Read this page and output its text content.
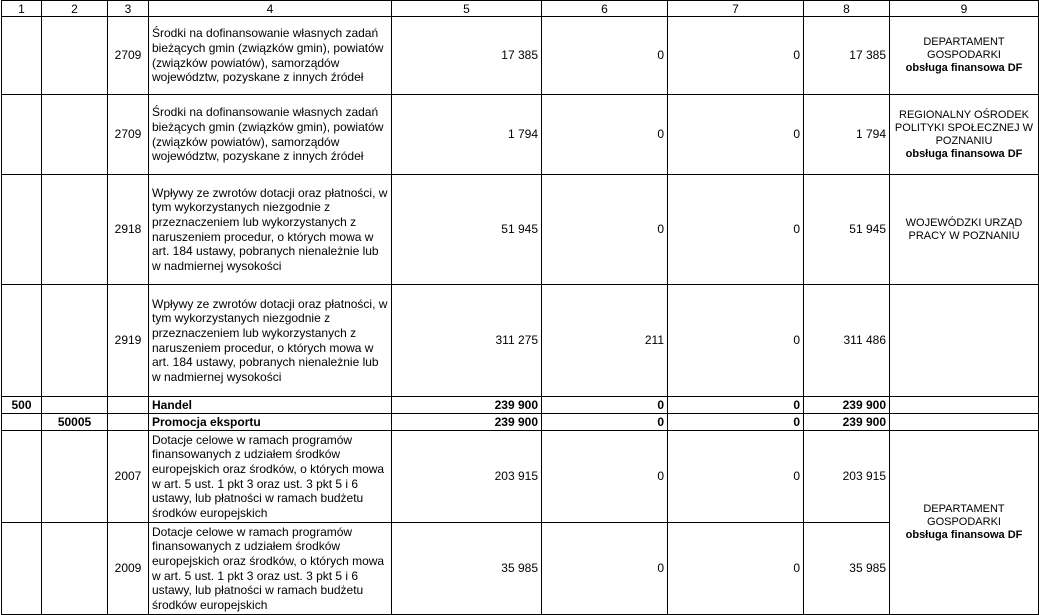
1	2	3	4	5	6	7	8	9
		2709	Środki na dofinansowanie własnych zadań bieżących gmin (związków gmin), powiatów (związków powiatów), samorządów województw, pozyskane z innych źródeł	17 385	0	0	17 385	DEPARTAMENT GOSPODARKI
obsługa finansowa DF

		2709	Środki na dofinansowanie własnych zadań bieżących gmin (związków gmin), powiatów (związków powiatów), samorządów województw, pozyskane z innych źródeł	1 794	0	0	1 794	REGIONALNY OŚRODEK POLITYKI SPOŁECZNEJ W POZNANIU
obsługa finansowa DF

		2918	Wpływy ze zwrotów dotacji oraz płatności, w tym wykorzystanych niezgodnie z przeznaczeniem lub wykorzystanych z naruszeniem procedur, o których mowa w art. 184 ustawy, pobranych nienależnie lub w nadmiernej wysokości	51 945	0	0	51 945	WOJEWÓDZKI URZĄD PRACY W POZNANIU

		2919	Wpływy ze zwrotów dotacji oraz płatności, w tym wykorzystanych niezgodnie z przeznaczeniem lub wykorzystanych z naruszeniem procedur, o których mowa w art. 184 ustawy, pobranych nienależnie lub w nadmiernej wysokości	311 275	211	0	311 486	
500			Handel	239 900	0	0	239 900	
	50005		Promocja eksportu	239 900	0	0	239 900	
		2007	Dotacje celowe w ramach programów finansowanych z udziałem środków europejskich oraz środków, o których mowa w art. 5 ust. 1 pkt 3 oraz ust. 3 pkt 5 i 6 ustawy, lub płatności w ramach budżetu środków europejskich	203 915	0	0	203 915	DEPARTAMENT GOSPODARKI
obsługa finansowa DF

		2009	Dotacje celowe w ramach programów finansowanych z udziałem środków europejskich oraz środków, o których mowa w art. 5 ust. 1 pkt 3 oraz ust. 3 pkt 5 i 6 ustawy, lub płatności w ramach budżetu środków europejskich	35 985	0	0	35 985	
